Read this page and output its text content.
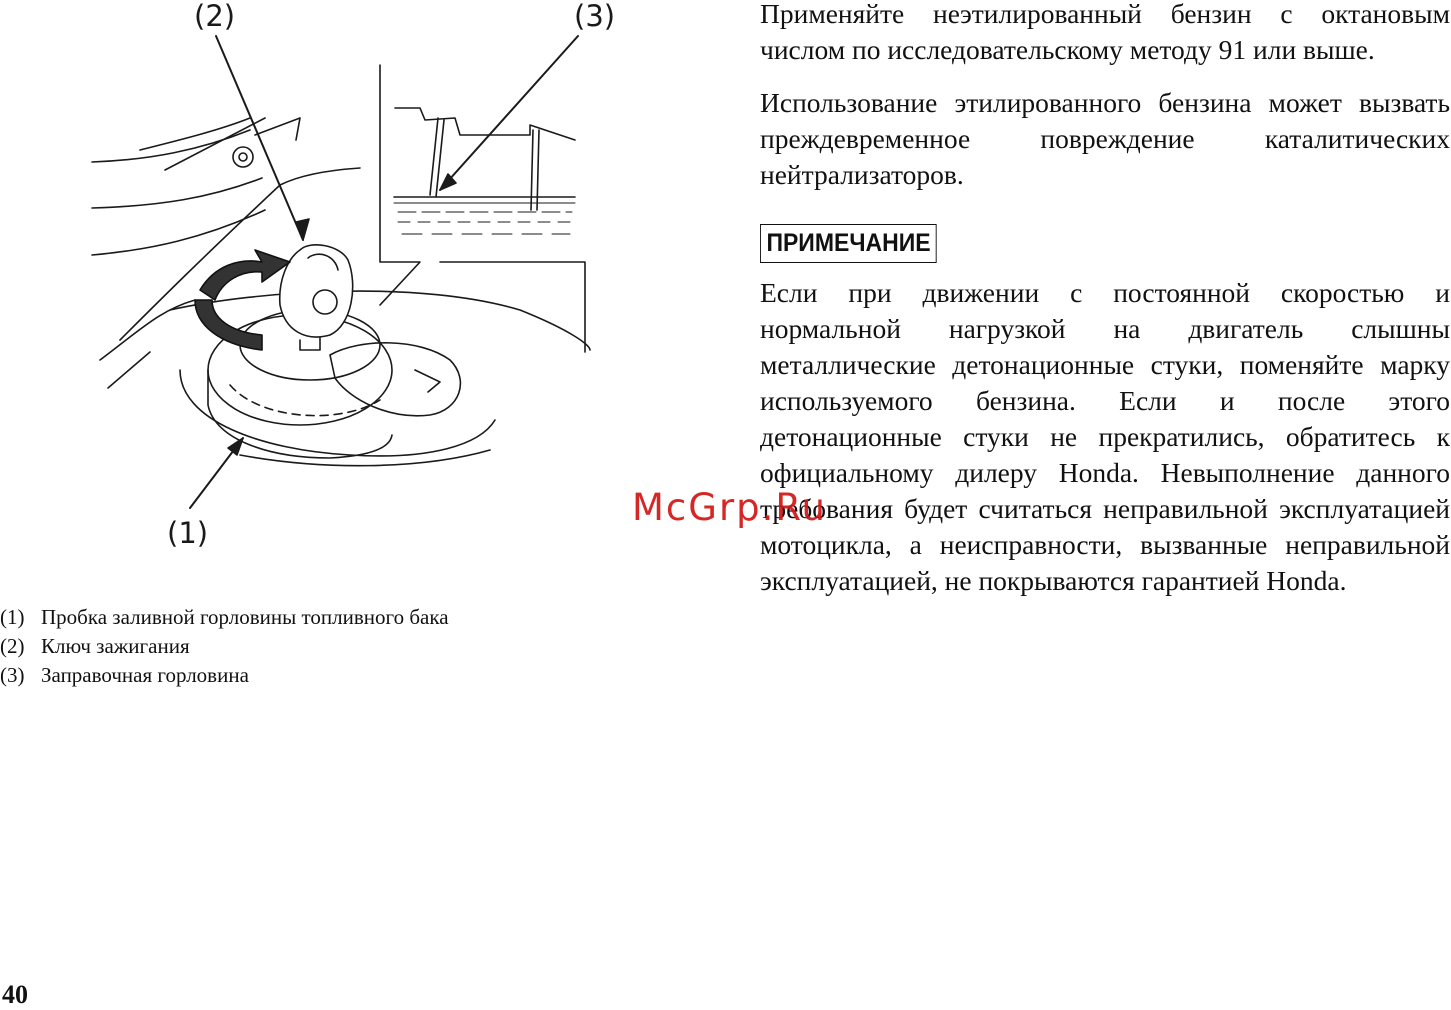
(2)	(3)
(1)
(1) Пробка заливной горловины топливного бака
(2) Ключ зажигания
(3) Заправочная горловина

Применяйте неэтилированный бензин с октановым числом по исследовательскому методу 91 или выше.

Использование этилированного бензина может вызвать преждевременное повреждение каталитических нейтрализаторов.

ПРИМЕЧАНИЕ

Если при движении с постоянной скоростью и нормальной нагрузкой на двигатель слышны металлические детонационные стуки, поменяйте марку используемого бензина. Если и после этого детонационные стуки не прекратились, обратитесь к официальному дилеру Honda. Невыполнение данного требования будет считаться неправильной эксплуатацией мотоцикла, а неисправности, вызванные неправильной эксплуатацией, не покрываются гарантией Honda.

McGrp.Ru
40
